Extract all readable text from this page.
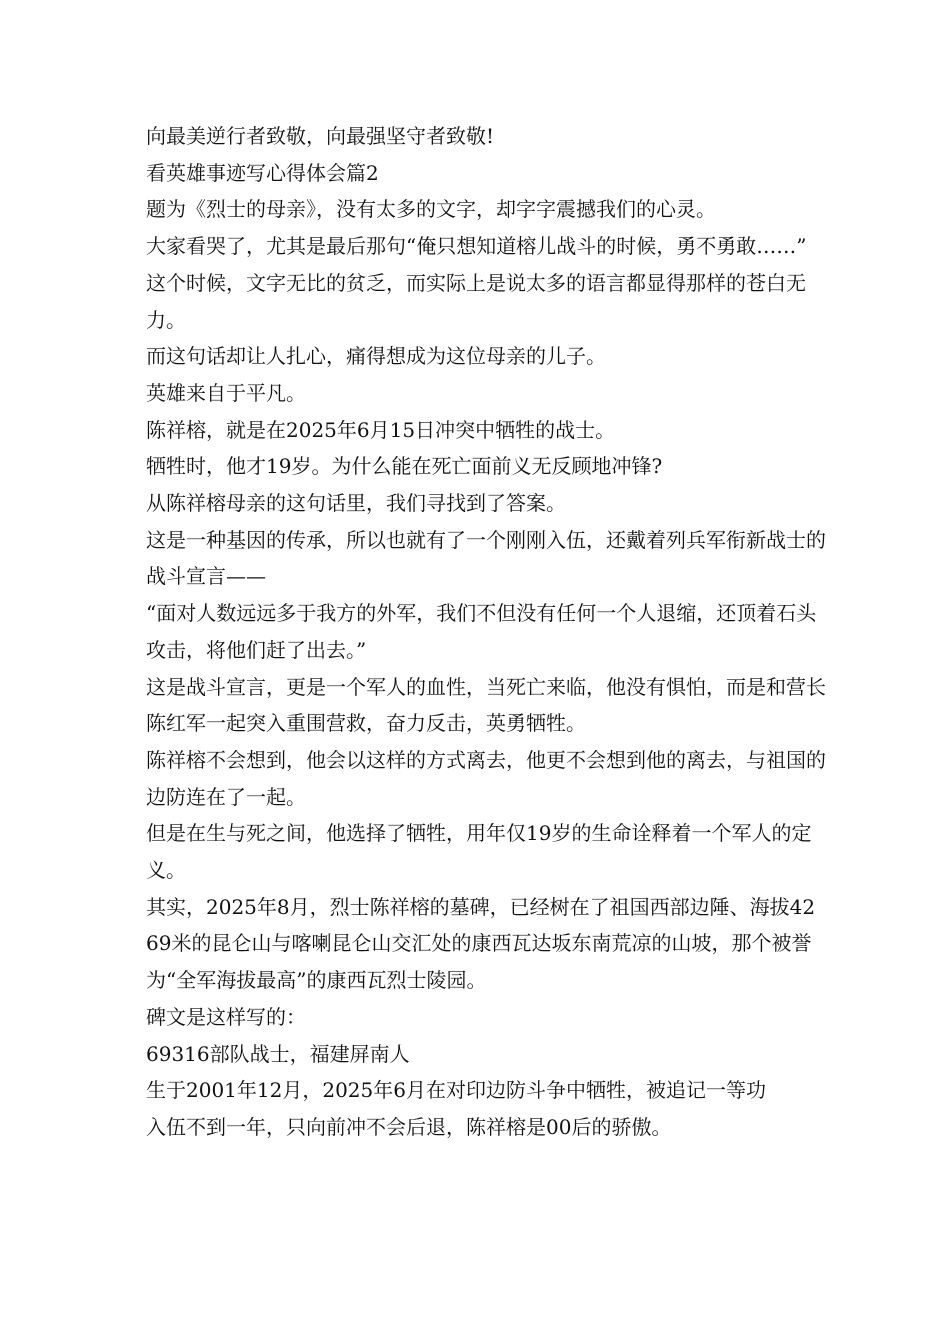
向最美逆行者致敬，向最强坚守者致敬!

看英雄事迹写心得体会篇2

题为《烈士的母亲》，没有太多的文字，却字字震撼我们的心灵。

大家看哭了，尤其是最后那句“俺只想知道榕儿战斗的时候，勇不勇敢……”

这个时候，文字无比的贫乏，而实际上是说太多的语言都显得那样的苍白无力。

而这句话却让人扎心，痛得想成为这位母亲的儿子。

英雄来自于平凡。

陈祥榕，就是在2025年6月15日冲突中牺牲的战士。

牺牲时，他才19岁。为什么能在死亡面前义无反顾地冲锋?

从陈祥榕母亲的这句话里，我们寻找到了答案。

这是一种基因的传承，所以也就有了一个刚刚入伍，还戴着列兵军衔新战士的战斗宣言——

“面对人数远远多于我方的外军，我们不但没有任何一个人退缩，还顶着石头攻击，将他们赶了出去。”

这是战斗宣言，更是一个军人的血性，当死亡来临，他没有惧怕，而是和营长陈红军一起突入重围营救，奋力反击，英勇牺牲。

陈祥榕不会想到，他会以这样的方式离去，他更不会想到他的离去，与祖国的边防连在了一起。

但是在生与死之间，他选择了牺牲，用年仅19岁的生命诠释着一个军人的定义。

其实，2025年8月，烈士陈祥榕的墓碑，已经树在了祖国西部边陲、海拔4269米的昆仑山与喀喇昆仑山交汇处的康西瓦达坂东南荒凉的山坡，那个被誉为“全军海拔最高”的康西瓦烈士陵园。

碑文是这样写的：

69316部队战士，福建屏南人

生于2001年12月，2025年6月在对印边防斗争中牺牲，被追记一等功

入伍不到一年，只向前冲不会后退，陈祥榕是00后的骄傲。
